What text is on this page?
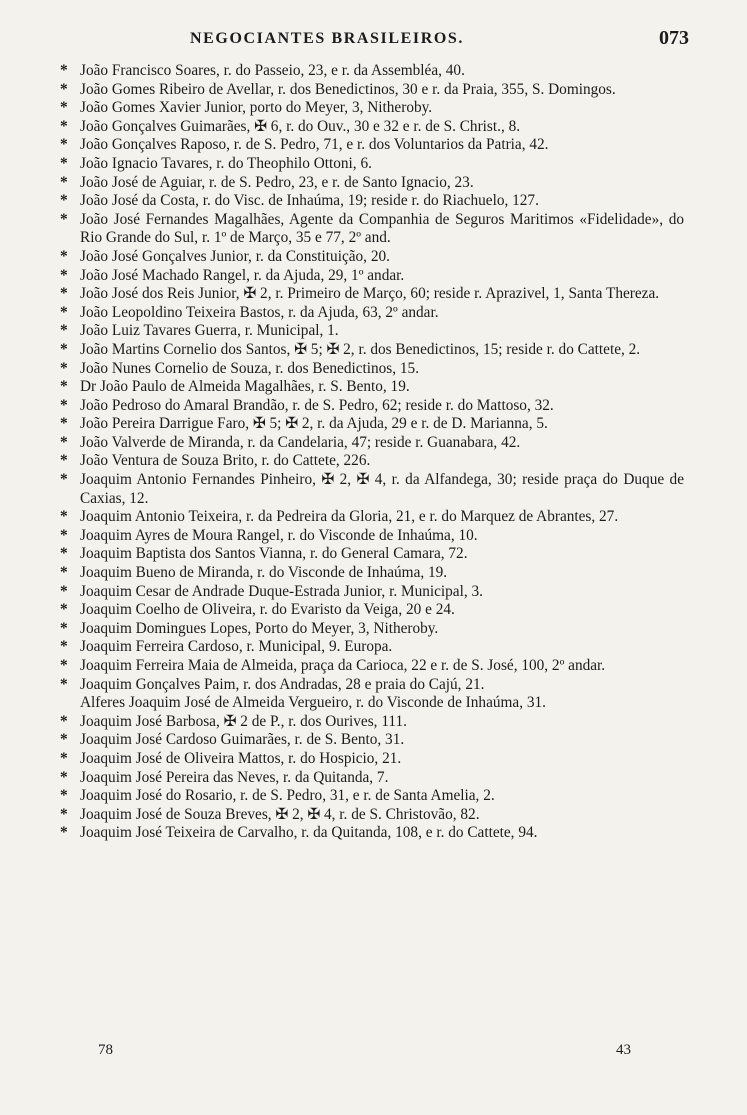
NEGOCIANTES BRASILEIROS.	073
* João Francisco Soares, r. do Passeio, 23, e r. da Assembléa, 40.
* João Gomes Ribeiro de Avellar, r. dos Benedictinos, 30 e r. da Praia, 355, S. Domingos.
* João Gomes Xavier Junior, porto do Meyer, 3, Nitheroby.
* João Gonçalves Guimarães, ✠ 6, r. do Ouv., 30 e 32 e r. de S. Christ., 8.
* João Gonçalves Raposo, r. de S. Pedro, 71, e r. dos Voluntarios da Patria, 42.
* João Ignacio Tavares, r. do Theophilo Ottoni, 6.
* João José de Aguiar, r. de S. Pedro, 23, e r. de Santo Ignacio, 23.
* João José da Costa, r. do Visc. de Inhaúma, 19; reside r. do Riachuelo, 127.
* João José Fernandes Magalhães, Agente da Companhia de Seguros Maritimos «Fidelidade», do Rio Grande do Sul, r. 1º de Março, 35 e 77, 2º and.
* João José Gonçalves Junior, r. da Constituição, 20.
* João José Machado Rangel, r. da Ajuda, 29, 1º andar.
* João José dos Reis Junior, ✠ 2, r. Primeiro de Março, 60; reside r. Aprazivel, 1, Santa Thereza.
* João Leopoldino Teixeira Bastos, r. da Ajuda, 63, 2º andar.
* João Luiz Tavares Guerra, r. Municipal, 1.
* João Martins Cornelio dos Santos, ✠ 5; ✠ 2, r. dos Benedictinos, 15; reside r. do Cattete, 2.
* João Nunes Cornelio de Souza, r. dos Benedictinos, 15.
* Dr João Paulo de Almeida Magalhães, r. S. Bento, 19.
* João Pedroso do Amaral Brandão, r. de S. Pedro, 62; reside r. do Mattoso, 32.
* João Pereira Darrigue Faro, ✠ 5; ✠ 2, r. da Ajuda, 29 e r. de D. Marianna, 5.
* João Valverde de Miranda, r. da Candelaria, 47; reside r. Guanabara, 42.
* João Ventura de Souza Brito, r. do Cattete, 226.
* Joaquim Antonio Fernandes Pinheiro, ✠ 2, ✠ 4, r. da Alfandega, 30; reside praça do Duque de Caxias, 12.
* Joaquim Antonio Teixeira, r. da Pedreira da Gloria, 21, e r. do Marquez de Abrantes, 27.
* Joaquim Ayres de Moura Rangel, r. do Visconde de Inhaúma, 10.
* Joaquim Baptista dos Santos Vianna, r. do General Camara, 72.
* Joaquim Bueno de Miranda, r. do Visconde de Inhaúma, 19.
* Joaquim Cesar de Andrade Duque-Estrada Junior, r. Municipal, 3.
* Joaquim Coelho de Oliveira, r. do Evaristo da Veiga, 20 e 24.
* Joaquim Domingues Lopes, Porto do Meyer, 3, Nitheroby.
* Joaquim Ferreira Cardoso, r. Municipal, 9. Europa.
* Joaquim Ferreira Maia de Almeida, praça da Carioca, 22 e r. de S. José, 100, 2º andar.
* Joaquim Gonçalves Paim, r. dos Andradas, 28 e praia do Cajú, 21.
Alferes Joaquim José de Almeida Vergueiro, r. do Visconde de Inhaúma, 31.
* Joaquim José Barbosa, ✠ 2 de P., r. dos Ourives, 111.
* Joaquim José Cardoso Guimarães, r. de S. Bento, 31.
* Joaquim José de Oliveira Mattos, r. do Hospicio, 21.
* Joaquim José Pereira das Neves, r. da Quitanda, 7.
* Joaquim José do Rosario, r. de S. Pedro, 31, e r. de Santa Amelia, 2.
* Joaquim José de Souza Breves, ✠ 2, ✠ 4, r. de S. Christovão, 82.
* Joaquim José Teixeira de Carvalho, r. da Quitanda, 108, e r. do Cattete, 94.
78	43
